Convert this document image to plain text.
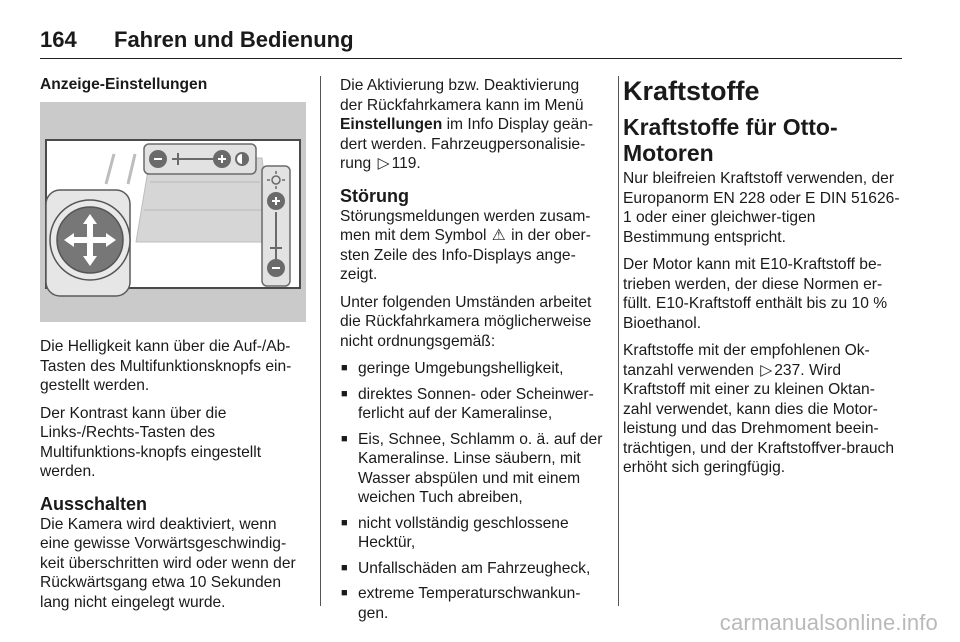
164 Fahren und Bedienung
Anzeige-Einstellungen

Die Helligkeit kann über die Auf-/Ab-Tasten des Multifunktionsknopfs ein-gestellt werden.

Der Kontrast kann über die Links-/Rechts-Tasten des Multifunktions-knopfs eingestellt werden.

Ausschalten

Die Kamera wird deaktiviert, wenn eine gewisse Vorwärtsgeschwindig-keit überschritten wird oder wenn der Rückwärtsgang etwa 10 Sekunden lang nicht eingelegt wurde.

Die Aktivierung bzw. Deaktivierung der Rückfahrkamera kann im Menü Einstellungen im Info Display geän-dert werden. Fahrzeugpersonalisie-rung ▷ 119.

Störung

Störungsmeldungen werden zusam-men mit dem Symbol ⚠ in der ober-sten Zeile des Info-Displays ange-zeigt.

Unter folgenden Umständen arbeitet die Rückfahrkamera möglicherweise nicht ordnungsgemäß:

■ geringe Umgebungshelligkeit,
■ direktes Sonnen- oder Scheinwer-ferlicht auf der Kameralinse,
■ Eis, Schnee, Schlamm o. ä. auf der Kameralinse. Linse säubern, mit Wasser abspülen und mit einem weichen Tuch abreiben,
■ nicht vollständig geschlossene Hecktür,
■ Unfallschäden am Fahrzeugheck,
■ extreme Temperaturschwankun-gen.
Kraftstoffe
Kraftstoffe für Otto-Motoren

Nur bleifreien Kraftstoff verwenden, der Europanorm EN 228 oder E DIN 51626-1 oder einer gleichwer-tigen Bestimmung entspricht.

Der Motor kann mit E10-Kraftstoff be-trieben werden, der diese Normen er-füllt. E10-Kraftstoff enthält bis zu 10 % Bioethanol.

Kraftstoffe mit der empfohlenen Ok-tanzahl verwenden ▷ 237. Wird Kraftstoff mit einer zu kleinen Oktan-zahl verwendet, kann dies die Motor-leistung und das Drehmoment beein-trächtigen, und der Kraftstoffver-brauch erhöht sich geringfügig.

carmanualsonline.info
